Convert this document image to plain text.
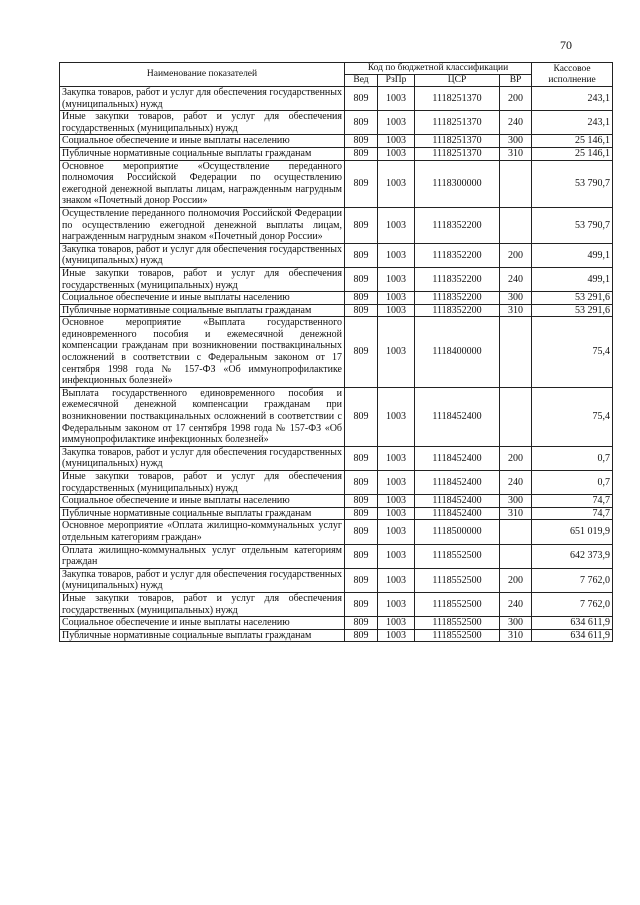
70
Наименование показателей	Код по бюджетной классификации				Кассовое исполнение
	Вед	РзПр	ЦСР	ВР	
Закупка товаров, работ и услуг для обеспечения государственных (муниципальных) нужд	809	1003	1118251370	200	243,1
Иные закупки товаров, работ и услуг для обеспечения государственных (муниципальных) нужд	809	1003	1118251370	240	243,1
Социальное обеспечение и иные выплаты населению	809	1003	1118251370	300	25 146,1
Публичные нормативные социальные выплаты гражданам	809	1003	1118251370	310	25 146,1
Основное мероприятие «Осуществление переданного полномочия Российской Федерации по осуществлению ежегодной денежной выплаты лицам, награжденным нагрудным знаком «Почетный донор России»	809	1003	1118300000		53 790,7
Осуществление переданного полномочия Российской Федерации по осуществлению ежегодной денежной выплаты лицам, награжденным нагрудным знаком «Почетный донор России»	809	1003	1118352200		53 790,7
Закупка товаров, работ и услуг для обеспечения государственных (муниципальных) нужд	809	1003	1118352200	200	499,1
Иные закупки товаров, работ и услуг для обеспечения государственных (муниципальных) нужд	809	1003	1118352200	240	499,1
Социальное обеспечение и иные выплаты населению	809	1003	1118352200	300	53 291,6
Публичные нормативные социальные выплаты гражданам	809	1003	1118352200	310	53 291,6
Основное мероприятие «Выплата государственного единовременного пособия и ежемесячной денежной компенсации гражданам при возникновении поствакцинальных осложнений в соответствии с Федеральным законом от 17 сентября 1998 года № 157-ФЗ «Об иммунопрофилактике инфекционных болезней»	809	1003	1118400000		75,4
Выплата государственного единовременного пособия и ежемесячной денежной компенсации гражданам при возникновении поствакцинальных осложнений в соответствии с Федеральным законом от 17 сентября 1998 года № 157-ФЗ «Об иммунопрофилактике инфекционных болезней»	809	1003	1118452400		75,4
Закупка товаров, работ и услуг для обеспечения государственных (муниципальных) нужд	809	1003	1118452400	200	0,7
Иные закупки товаров, работ и услуг для обеспечения государственных (муниципальных) нужд	809	1003	1118452400	240	0,7
Социальное обеспечение и иные выплаты населению	809	1003	1118452400	300	74,7
Публичные нормативные социальные выплаты гражданам	809	1003	1118452400	310	74,7
Основное мероприятие «Оплата жилищно-коммунальных услуг отдельным категориям граждан»	809	1003	1118500000		651 019,9
Оплата жилищно-коммунальных услуг отдельным категориям граждан	809	1003	1118552500		642 373,9
Закупка товаров, работ и услуг для обеспечения государственных (муниципальных) нужд	809	1003	1118552500	200	7 762,0
Иные закупки товаров, работ и услуг для обеспечения государственных (муниципальных) нужд	809	1003	1118552500	240	7 762,0
Социальное обеспечение и иные выплаты населению	809	1003	1118552500	300	634 611,9
Публичные нормативные социальные выплаты гражданам	809	1003	1118552500	310	634 611,9
